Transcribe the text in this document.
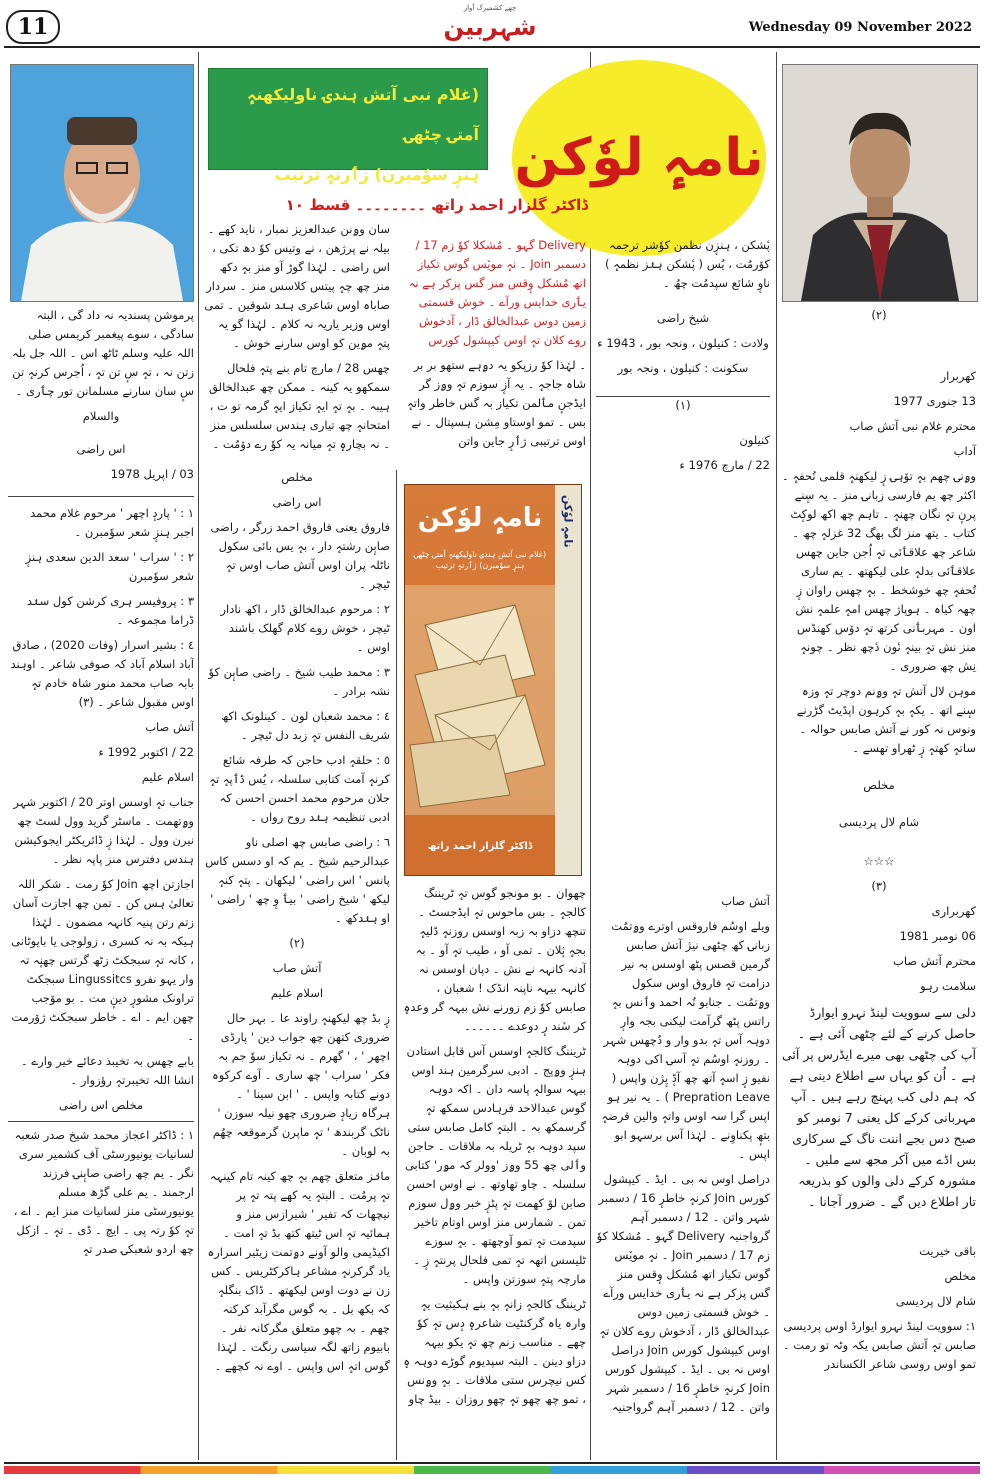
11
چھے کشمیرک آواز
شہربین	Wednesday 09 November 2022
نامہٕ لوٗکن
(غلام نبی آتش ہندۍ ناولیکھنہٕ آمتۍ چٹھۍ
ہنزٕ سوٗمبرن) ژٲرتہٕ ترتیب
ڈاکٹر گلزار احمد راتھ ۔۔۔۔۔۔۔۔ قسط ١٠
(۲)
کھربرار
13 جنوری 1977
محترم غلام نبی آتش صاب
آداب
وۄنۍ چھم بہٕ تۆہۍ زٕ لیکھنہٕ قلمی تُحفہٕ ۔ اکثر چھ یم فارسی زبانۍ منز ۔ یہ سٕنے پرنٕ تہٕ نگان چھنہٕ ۔ تاہم چھ اکھ لوکٕٹ کتاب ۔ یتھ منز لگ بھگ 32 غزلہٕ چھ ۔ شاعر چھ علاقٲئی تہٕ اُجن جاین چھس علاقٲئی بدلہٕ علی لیکھتھ ۔ یم ساری تُحفہٕ چھ خوشخط ۔ بہٕ چھس راوان زٕ چھہ کیاہ ۔ ہوپاژ چھس امہٕ علمہٕ نش اون ۔ مہربٲنی کرتھ تہٕ دوٚس کھنڈس منز نش تہٕ بینہٕ نٔون دٔچھ نظر ۔ چونہٕ نِش چھ ضروری ۔
موہن لال آتش تہٕ وۄنم دوچر تہٕ وزہ سٕنے اتھ ۔ یکہٕ بہٕ کرہون اپڈیٹ گڑرنے ونوس نہ کور نے آتش صابس حوالہ ۔ ساتہٕ کھتہٕ زٕ ٹھراو تھسے ۔
مخلص
شام لال پردیسی
☆☆☆
(۳)
کھربراری
06 نومبر 1981
محترم آتش صاب
سلامت رہو
دلی سے سوویت لینڈ نہرو ایوارڈ حاصل کرنے کے لئے چٹھی آئی ہے ۔ آپ کی چٹھی بھی میرے ایڈرس پر آئی ہے ۔ اُن کو یہاں سے اطلاع دینی ہے کہ ہم دلی کب پہنچ رہے ہیں ۔ آپ مہربانی کرکے کل یعنی 7 نومبر کو صبح دس بجے اننت ناگ کے سرکاری بس اڈے میں آکر مجھ سے ملیں ۔ مشورہ کرکے دلی والوں کو بذریعہ تار اطلاع دیں گے ۔ ضرور آجانا ۔
باقی خیریت
مخلص
شام لال پردیسی
١: سوویت لینڈ نہرو ایوارڈ اوس پردیسی صابس تہٕ آتش صابس یکہ وٹہ تو رمت ۔ تمو اوس روسی شاعر الکساندر
پٔشکن ، ہنزٕن نظمن کوٗشر ترجمہ کوٚرمُت ، یُس ( پٔشکن ہنٛز نظمہٕ ) ناوٕ شائع سپدمُت چھُ ۔
شیخ راضی
ولادت : کنیلون ، ونجہ بور ، 1943 ء
سکونت : کنیلون ، ونجہ بور
(١)
کنیلون
22 / مارچ 1976 ء
آتش صاب
ویلے اوسُم فاروقس اوترے وۄتمُت زبانۍ کھ چٹھی نیژ آتش صابس گرمین قصس پٹھ اوسس بہ نیر دزامت تہٕ فاروق اوس سکول وۄتمُت ۔ جنابو تُہ احمد وٲنس بہٕ راتس پٹھ گرآمت لیکنی بجہ وارٕ دوہہ آس تہٕ بدو وار و دُچھس شہر ۔ روزنہٕ اوسُم تہٕ آسۍ اکی دوہہ نفیو زٕ اسہٕ آتھ چھ آڈٕ یٕژن واپس ( Prepration Leave ) ۔ یہ نیر ہو اپس گرا سہ اوس واتہٕ والین قرضہٕ بتھٕ پکناوِنے ۔ لہٰذا آس برسہو ابو اپس ۔
دراصل اوس نہ بی ۔ ایڈ ۔ کیپشول کورس Join کرنہٕ خاطرٕ 16 / دسمبر شہر واتن ۔ 12 / دسمبر آہم گرواجنیہ Delivery گہو ۔ مُشکلا کوٗ زم 17 / دسمبر Join ۔ نہٕ مویٚس گوس تکیاز اتھ مُشکل وٕقس منز گس پزکر ہے نہ یٲری خدایس ورآے ۔ خوش قسمتی زمین دوس عبدالخالق ڈار ، آدخوش روے کلان تہٕ اوس کیپشول کورس Join دراصل اوس نہ بی ۔ ایڈ ۔ کیپشول کورس Join کرنہٕ خاطرٕ 16 / دسمبر شہر واتن ۔ 12 / دسمبر آہم گرواجنیہ
Delivery گہو ۔ مُشکلا کوٗ زم 17 / دسمبر Join ۔ نہٕ مویٚس گوس تکیاز اتھ مُشکل وٕقس منز گس پزکر ہے نہ یٲری خدایس ورآے ۔ خوش قسمتی زمین دوس عبدالخالق ڈار ، آدخوش روے کلان تہٕ اوس کیپشول کورس
۔ لہٰذا کوٗ رزپکو یہ دۄہے ستھو بر بر شاہ جاجہٕ ۔ یہ آزٕ سوزم تہٕ وۄز گر ایڈجنٕ مٲلمن تکیاز بہ گس خاطر واتہٕ بس ۔ تمو اوستاو مِشن ہسپتال ۔ نے اوس ترتیبی ژٲرٕ جاین واتن
نامہٕ لوٗکن
نامہٕ لوٗکن
(غلام نبی آتش ہندۍ ناولیکھنہٕ آمتۍ چٹھۍ ہنزٕ سوٗمبرن) ژٲرتہٕ ترتیب
ڈاکٹر گلزار احمد راتھ
چھوان ۔ بو مونجو گوس تہٕ ٹریننگ کالجہٕ ۔ بس ماحوس تہٕ ایڈجسٹ ۔ تنچھ دزاو بہ زبہ اوسس روزنہٕ ڈلیہٕ بجہٕ ثٕلان ۔ تمی آو ، طیب تہٕ آو ۔ بہ آدنہ کانہہ نے نش ۔ دپان اوسس نہ کانہہ بیہہ ناپنہ انڈک ! شعبان ، صابس کوٗ زم زورنے نش بیہہ گر وعدہٕ کر سٔند رٕ دوعدے ۔۔۔۔۔۔
ٹریننگ کالجہٕ اوسس آس قابل استادن ہنزٕ وۄپج ۔ ادبی سرگرمین ہند اوس بیہہ سوالہٕ پاسہ دان ۔ اکہ دوہہ گوس عبدالاحد فرہادس سمکھ تہٕ گرسمکھ بہ ۔ البتہٕ کامل صابس ستی سپد دوہہ بہٕ ٹریلہ بہ ملاقات ۔ حاجن وٲلی چھ 55 وۄز 'وولر کہ مۄر' کتابی سلسلہ ۔ چاو تھاوتھ ۔ نے اوس احسن صابن لۆ کھمت تہٕ پٹزٕ خبر وۄل سوزم تمن ۔ شمارس منز اوس اوتام تاخیر سپدمت تہٕ تمو آوچھتھ ۔ بہٕ سوزے ٹلیسس اتھہ تہٕ تمی فلحال پرنتہٕ زٕ ۔ مارچہ پتہٕ سوزتن واپس ۔
ٹریننگ کالجہٕ زانہٕ بہٕ بنے ہکیثیت یہٕ وارہ یاہ گرکنٹیت شاعرہٕ دٕس تہٕ کوٗ چھے ۔ مناسب زنم چھ تہٕ یکو بیہہ دزاو دینن ۔ البتہ سپدیوم گوڑے دوہہ ہٕ کس نیچرس ستی ملاقات ۔ بہٕ وۄنس ، تمو چھ چھو تہٕ چھو روزان ۔ بیڈ چاو
سان وۄنن عبدالعزیز نمبار ، ناید کھے ۔ بیلہ نے پرژھن ، نے وتیس کوٗ دھ تکی ، اس راضی ۔ لہٰذا گوڑ آو منز بہٕ دکھ منز چھ چہٕ پیتس کلاسس منز ۔ سردار صاباہ اوس شاعری ہنٛد شوقین ۔ تمی اوس وزیر یاریہ نہ کلام ۔ لہٰذا گو یہ پتہٕ مۄین کو اوس سارنے خوش ۔
چھس 28 / مارچ تام بنے پتہٕ فلحال سمکھو یہ کینہ ۔ ممکن چھ عبدالخالق ہیبہ ۔ بہٕ تہٕ ایہٕ تکیاز ایہٕ گرمہ تو ت ، امتحانہٕ چھ تیاری ہندس سلسلس منز ۔ نہ بچارہٕ تہٕ میانہ یہ کوٗ رے دوٚمُت ۔
مخلص
اس راضی
فاروق یعنی فاروق احمد زرگر ، راضی صابٕن رشتہٕ دار ، بہٕ یس بائی سکول ناٹلہ پران اوس آتش صاب اوس تہٕ ٹیچر ۔
٢ : مرحوم عبدالخالق ڈار ، اکھ نادار ٹیچر ، خوش روے کلام گھلک باشند اوس ۔
٣ : محمد طیب شیخ ۔ راضی صابٕن کوٗ نشہ برادر ۔
٤ : محمد شعبان لون ۔ کینلونک اکھ شریف النفس تہٕ زبد دل ٹیچر ۔
٥ : حلقہٕ ادب حاجن کہ طرفہ شائع کرنہٕ آمت کتابی سلسلہ ، یُس ڈٲپہٕ تہٕ جلان مرحوم محمد احسن احسن کہ ادبی تنظیمہ ہنٛد روح رواں ۔
٦ : راضی صابس چھ اصلی ناو عبدالرحیم شیخ ۔ یم کہ او دسس کاس پانس ' اس راضی ' لیکھان ۔ پتہٕ کنہٕ لیکھ ' شیخ راضی ' بیٲ وٕ چھ ' راضی ' او ہنٛدکھ ۔
(٢)
آتش صاب
اسلام علیم
زٕ بڈ چھ لیکھنہٕ راوند عا ۔ بہر حال ضروری کتھن چھ جواب دین ' پارڈی اچھر ' ، ' گھرم ۔ نہ تکیاز سوٗ جم بہ فکر ' سراب ' چھ ساری ۔ آوے کرکوہ دونے کتابہ واپس ۔ ' ابن سینا ' ۔ ہرگاہ زیادٕ ضروری چھو نیلہ سوزن ' ناٹک گربندھ ' تہٕ ماپرن گرموقعہ چھُم بہ لوبان ۔
مانٛز متعلق چھم بہٕ چھ کینہ تام کینہہ تہٕ پرمُت ۔ البتہٕ یہ کھے پتہ تہٕ پر نیچھات کہ تفیر ' شیرازس منز و ہمائیہ تہٕ اس ٹیتھ کتھ بڈ تہٕ امت ۔ اکیڈیمی والو آونے دۄتمت زیٹیر اسرارہ یاد گرکرنہٕ مشاعر ہاکرکٹریس ۔ کس زن نے دوت اوس لیکھتھ ۔ ڈاک بنگلہٕ کہ بکھ بل ۔ بہ گوس مگرآبد کرکنہ چھم ۔ بہ چھو متعلق مگرکانہ نفر ۔ بابیوم زاتھ لگہ سیاسی رنگت ۔ لہٰذا گوس اتہٕ اس واپس ۔ اوے نہ کچھے ۔
پرموشن پسندیہ نہ داد گی ، البتہ سادگی ، سوے پیغمبر کریمس صلی اللہ علیہ وسلم ٹاٹھ اس ۔ اللہ جل بلہ زتن نہ ، تہٕ سٕ تن تہٕ ، اُجرس کرنہٕ تن سٕ سان سارنے مسلمانن تور چٲری ۔
والسلام
اس راضی
03 / اپریل 1978
١ : ' پاردٕ اچھر ' مرحوم غلام محمد اجبر ہنزٕ شعر سوٗمبرن ۔
٢ : ' سراب ' سعد الدین سعدی ہنزٕ شعر سوٗمبرن
٣ : پروفیسر ہری کرشن کول سنٛد ڈراما مجموعہ ۔
٤ : بشیر اسرار (وفات 2020) ، صادق آباد اسلام آباد کہ صوفی شاعر ۔ اوہند بابہ صاب محمد منور شاہ خادم تہٕ اوس مقبول شاعر ۔ (٣)
آتش صاب
22 / اکتوبر 1992 ء
اسلام علیم
جناب تہٕ اوسس اوتر 20 / اکتوبر شہر وۄتھمت ۔ ماسٹر گرید وول لسٹ چھ نیرن وول ۔ لہٰذا زٕ ڈائریکٹر ایجوکیشن ہندس دفترس منز پاپہ نظر ۔
اجازتن اچھ Join کوٗ رمت ۔ شکر اللہ تعالیٰ ہس کن ۔ تمن چھ اجازت آسان زتم رتن پنیہ کانہہ مضمون ۔ لہٰذا ہیکہ بہ نہ کسری ، زولوجی یا بایوٹانی ، کانہ تہٕ سبجکٹ زٹھ گرتس چھنٕہ تہ وار یہو نفرو Lingussitcs سبجکٹ تراونک مشورٕ دینٕ مت ۔ بو موٚجب چھن ایم ۔ اے ۔ خاطر سبجکٹ ژوٚرمت ۔
بابے چھس بہ تخیبذ دعائے خیر وارے ۔ انشا اللہ تخیبرتہٕ رؤزوار ۔
مخلص اس راضی
١ : ڈاکٹر اعجاز محمد شیخ صدر شعبہ لسانیات یونیورسٹی آف کشمیر سری نگر ۔ یم چھ راضی صابٕنۍ فرزند ارجمند ۔ یم علی گڑھ مسلم یونیورسٹی منز لسانیات منز ایم ۔ اے ، تہٕ کوٗ رتہ پی ۔ ایچ ۔ ڈی ۔ تہٕ ۔ ازکل چھ اردو شعبکۍ صدر تہٕ
